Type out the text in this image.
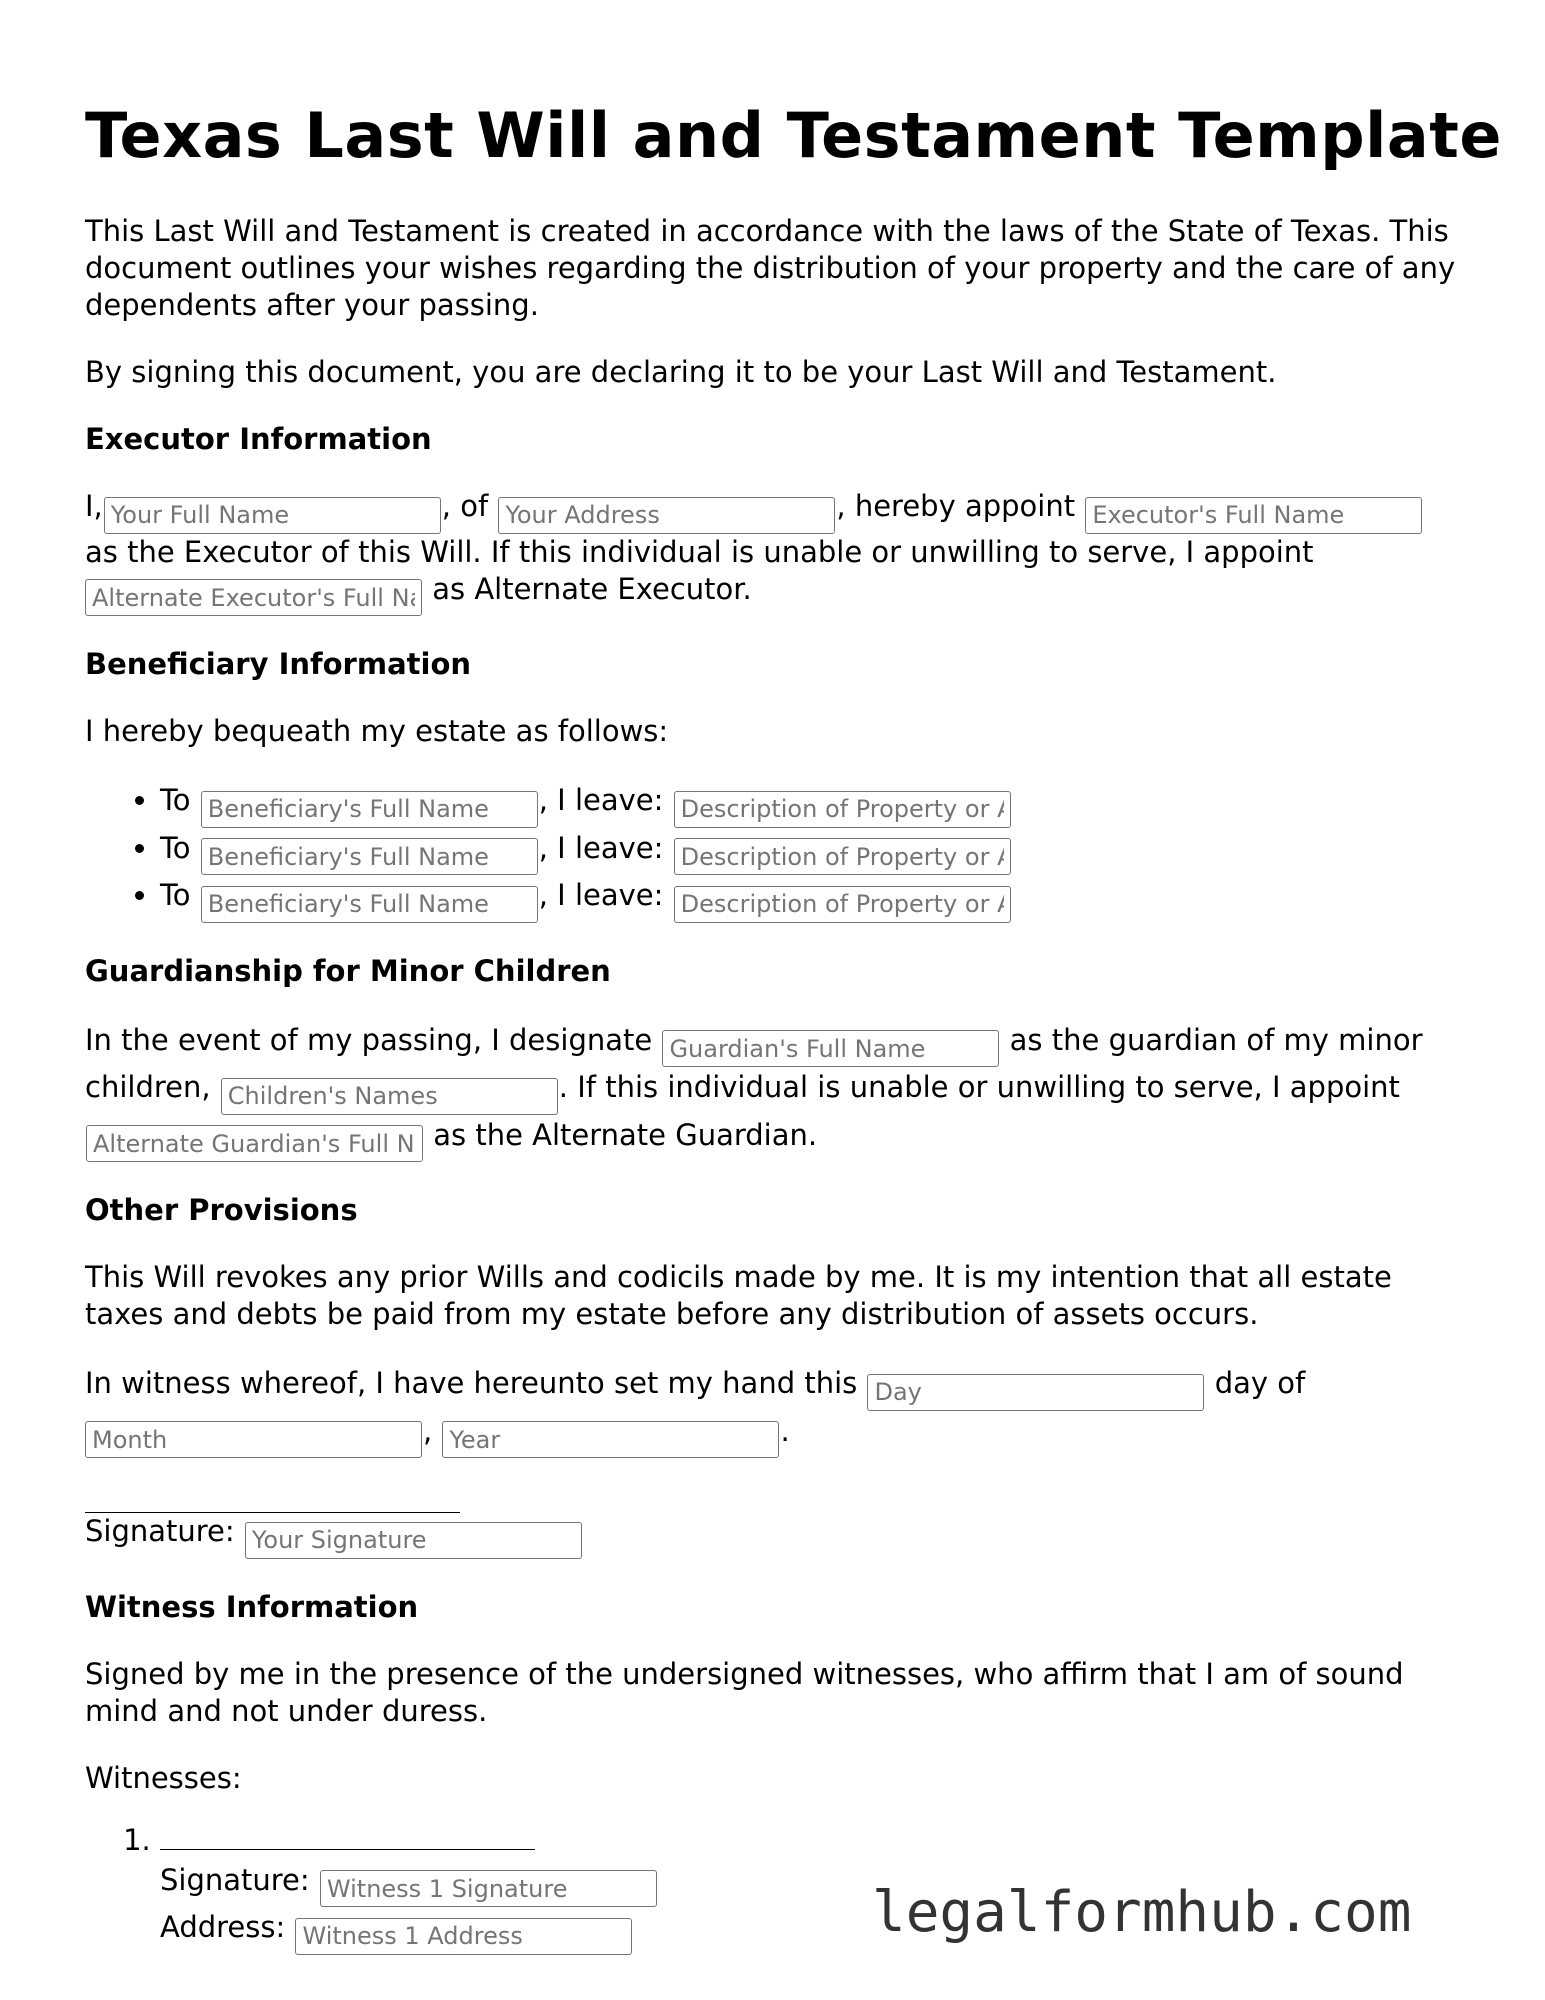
Texas Last Will and Testament Template

This Last Will and Testament is created in accordance with the laws of the State of Texas. This document outlines your wishes regarding the distribution of your property and the care of any dependents after your passing.

By signing this document, you are declaring it to be your Last Will and Testament.

Executor Information

I,Your Full Name	, of Your Address	, hereby appoint Executor's Full Name as the Executor of this Will. If this individual is unable or unwilling to serve, I appoint Alternate Executor's Full Name as Alternate Executor.

Beneficiary Information

I hereby bequeath my estate as follows:

• To Beneficiary's Full Name	, I leave: Description of Property or Assets
• To Beneficiary's Full Name	, I leave: Description of Property or Assets
• To Beneficiary's Full Name	, I leave: Description of Property or Assets
Guardianship for Minor Children

In the event of my passing, I designate Guardian's Full Name	as the guardian of my minor children, Children's Names	. If this individual is unable or unwilling to serve, I appoint Alternate Guardian's Full Name as the Alternate Guardian.

Other Provisions

This Will revokes any prior Wills and codicils made by me. It is my intention that all estate taxes and debts be paid from my estate before any distribution of assets occurs.

In witness whereof, I have hereunto set my hand this Day	day of Month, Year	.

Signature: Your Signature

Witness Information

Signed by me in the presence of the undersigned witnesses, who affirm that I am of sound mind and not under duress.

Witnesses:

1. Signature: Witness 1 Signature
Address: Witness 1 Address	legalformhub.com
